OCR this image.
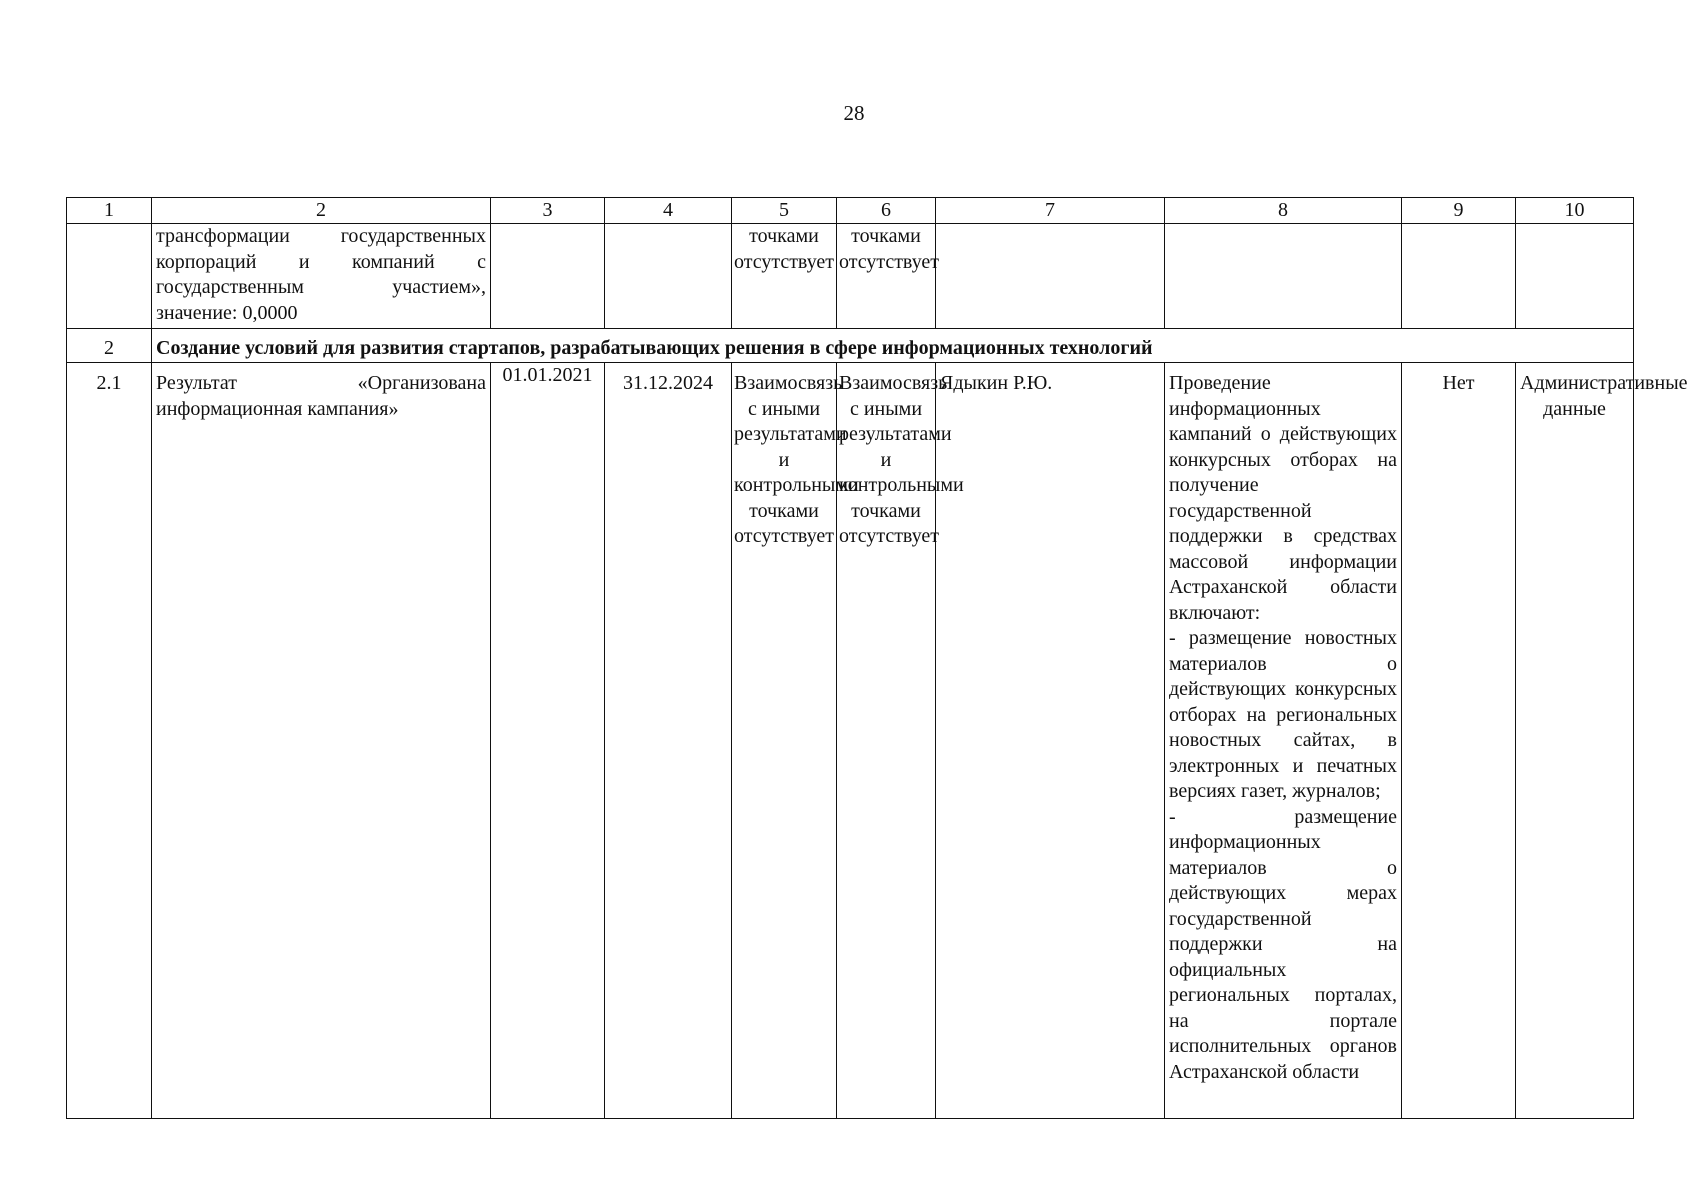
28
1	2	3	4	5	6	7	8	9	10
	трансформации государственных корпораций и компаний с государственным участием», значение: 0,0000			точками отсутствует	точками отсутствует				
2	Создание условий для развития стартапов, разрабатывающих решения в сфере информационных технологий								
2.1	Результат «Организована информационная кампания»	01.01.2021	31.12.2024	Взаимосвязь с иными результатами и контрольными точками отсутствует	Взаимосвязь с иными результатами и контрольными точками отсутствует	Ядыкин Р.Ю.	Проведение информационных кампаний о действующих конкурсных отборах на получение государственной поддержки в средствах массовой информации Астраханской области включают:
- размещение новостных материалов о действующих конкурсных отборах на региональных новостных сайтах, в электронных и печатных версиях газет, журналов;
- размещение информационных материалов о действующих мерах государственной поддержки на официальных региональных порталах, на портале исполнительных органов Астраханской области	Нет	Административные данные
